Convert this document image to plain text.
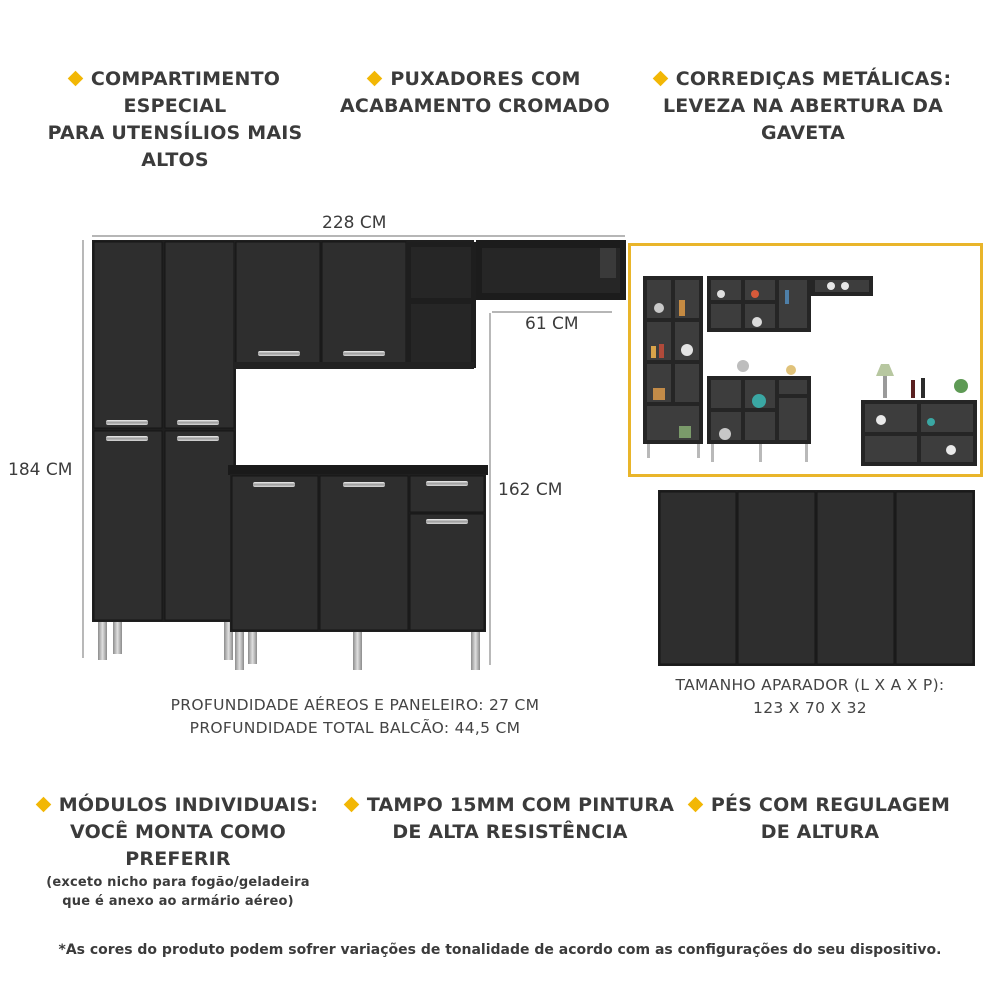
COMPARTIMENTO ESPECIAL
PARA UTENSÍLIOS MAIS ALTOS
PUXADORES COM
ACABAMENTO CROMADO
CORREDIÇAS METÁLICAS:
LEVEZA NA ABERTURA DA GAVETA
228 CM
184 CM
162 CM
61 CM
PROFUNDIDADE AÉREOS E PANELEIRO: 27 CM
PROFUNDIDADE TOTAL BALCÃO: 44,5 CM
TAMANHO APARADOR (L X A X P):
123 X 70 X 32
MÓDULOS INDIVIDUAIS:
VOCÊ MONTA COMO PREFERIR
(exceto nicho para fogão/geladeira
que é anexo ao armário aéreo)
TAMPO 15MM COM PINTURA
DE ALTA RESISTÊNCIA
PÉS COM REGULAGEM
DE ALTURA
*As cores do produto podem sofrer variações de tonalidade de acordo com as configurações do seu dispositivo.
